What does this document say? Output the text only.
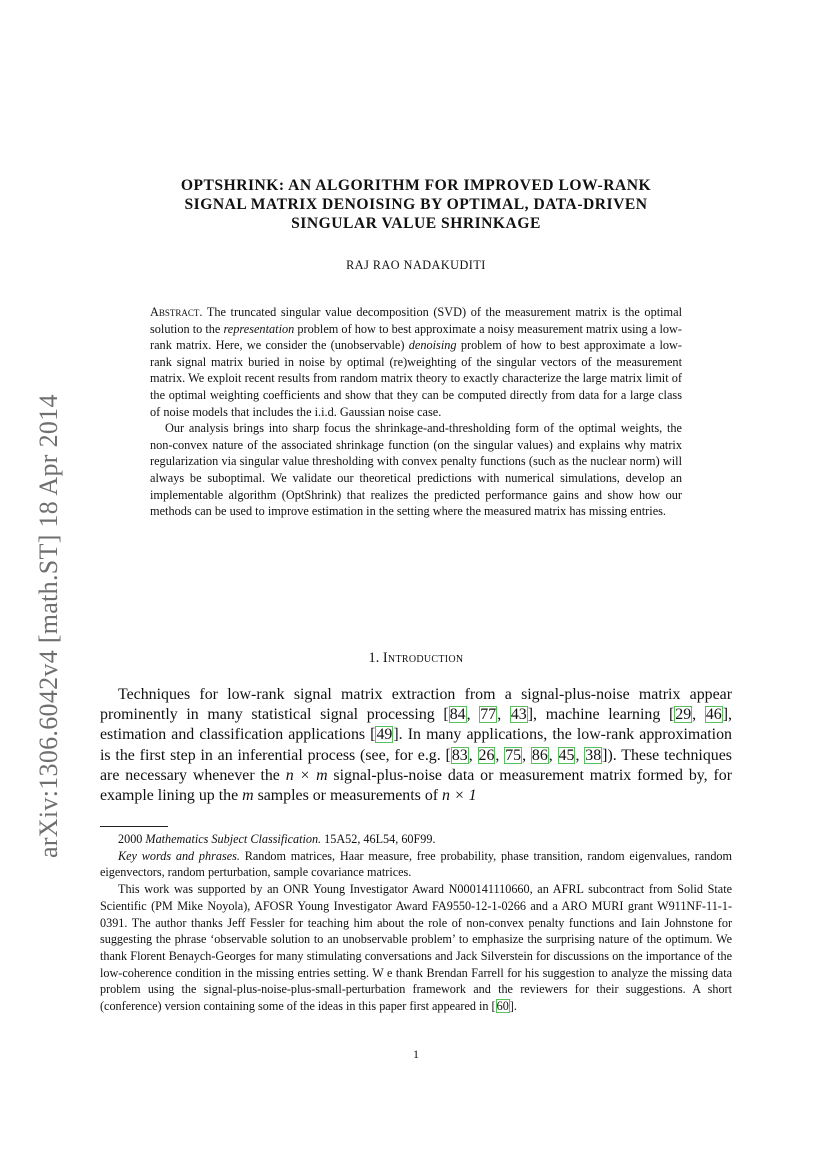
arXiv:1306.6042v4 [math.ST] 18 Apr 2014
OPTSHRINK: AN ALGORITHM FOR IMPROVED LOW-RANK
SIGNAL MATRIX DENOISING BY OPTIMAL, DATA-DRIVEN
SINGULAR VALUE SHRINKAGE
RAJ RAO NADAKUDITI

Abstract. The truncated singular value decomposition (SVD) of the measurement matrix is the optimal solution to the representation problem of how to best approximate a noisy measurement matrix using a low-rank matrix. Here, we consider the (unobservable) denoising problem of how to best approximate a low-rank signal matrix buried in noise by optimal (re)weighting of the singular vectors of the measurement matrix. We exploit recent results from random matrix theory to exactly characterize the large matrix limit of the optimal weighting coefficients and show that they can be computed directly from data for a large class of noise models that includes the i.i.d. Gaussian noise case.

Our analysis brings into sharp focus the shrinkage-and-thresholding form of the optimal weights, the non-convex nature of the associated shrinkage function (on the singular values) and explains why matrix regularization via singular value thresholding with convex penalty functions (such as the nuclear norm) will always be suboptimal. We validate our theoretical predictions with numerical simulations, develop an implementable algorithm (OptShrink) that realizes the predicted performance gains and show how our methods can be used to improve estimation in the setting where the measured matrix has missing entries.

1. Introduction

Techniques for low-rank signal matrix extraction from a signal-plus-noise matrix appear prominently in many statistical signal processing [84, 77, 43], machine learning [29, 46], estimation and classification applications [49]. In many applications, the low-rank approximation is the first step in an inferential process (see, for e.g. [83, 26, 75, 86, 45, 38]). These techniques are necessary whenever the n × m signal-plus-noise data or measurement matrix formed by, for example lining up the m samples or measurements of n × 1

2000 Mathematics Subject Classification. 15A52, 46L54, 60F99.

Key words and phrases. Random matrices, Haar measure, free probability, phase transition, random eigenvalues, random eigenvectors, random perturbation, sample covariance matrices.

This work was supported by an ONR Young Investigator Award N000141110660, an AFRL subcontract from Solid State Scientific (PM Mike Noyola), AFOSR Young Investigator Award FA9550-12-1-0266 and a ARO MURI grant W911NF-11-1-0391. The author thanks Jeff Fessler for teaching him about the role of non-convex penalty functions and Iain Johnstone for suggesting the phrase ‘observable solution to an unobservable problem’ to emphasize the surprising nature of the optimum. We thank Florent Benaych-Georges for many stimulating conversations and Jack Silverstein for discussions on the importance of the low-coherence condition in the missing entries setting. W e thank Brendan Farrell for his suggestion to analyze the missing data problem using the signal-plus-noise-plus-small-perturbation framework and the reviewers for their suggestions. A short (conference) version containing some of the ideas in this paper first appeared in [60].

1
